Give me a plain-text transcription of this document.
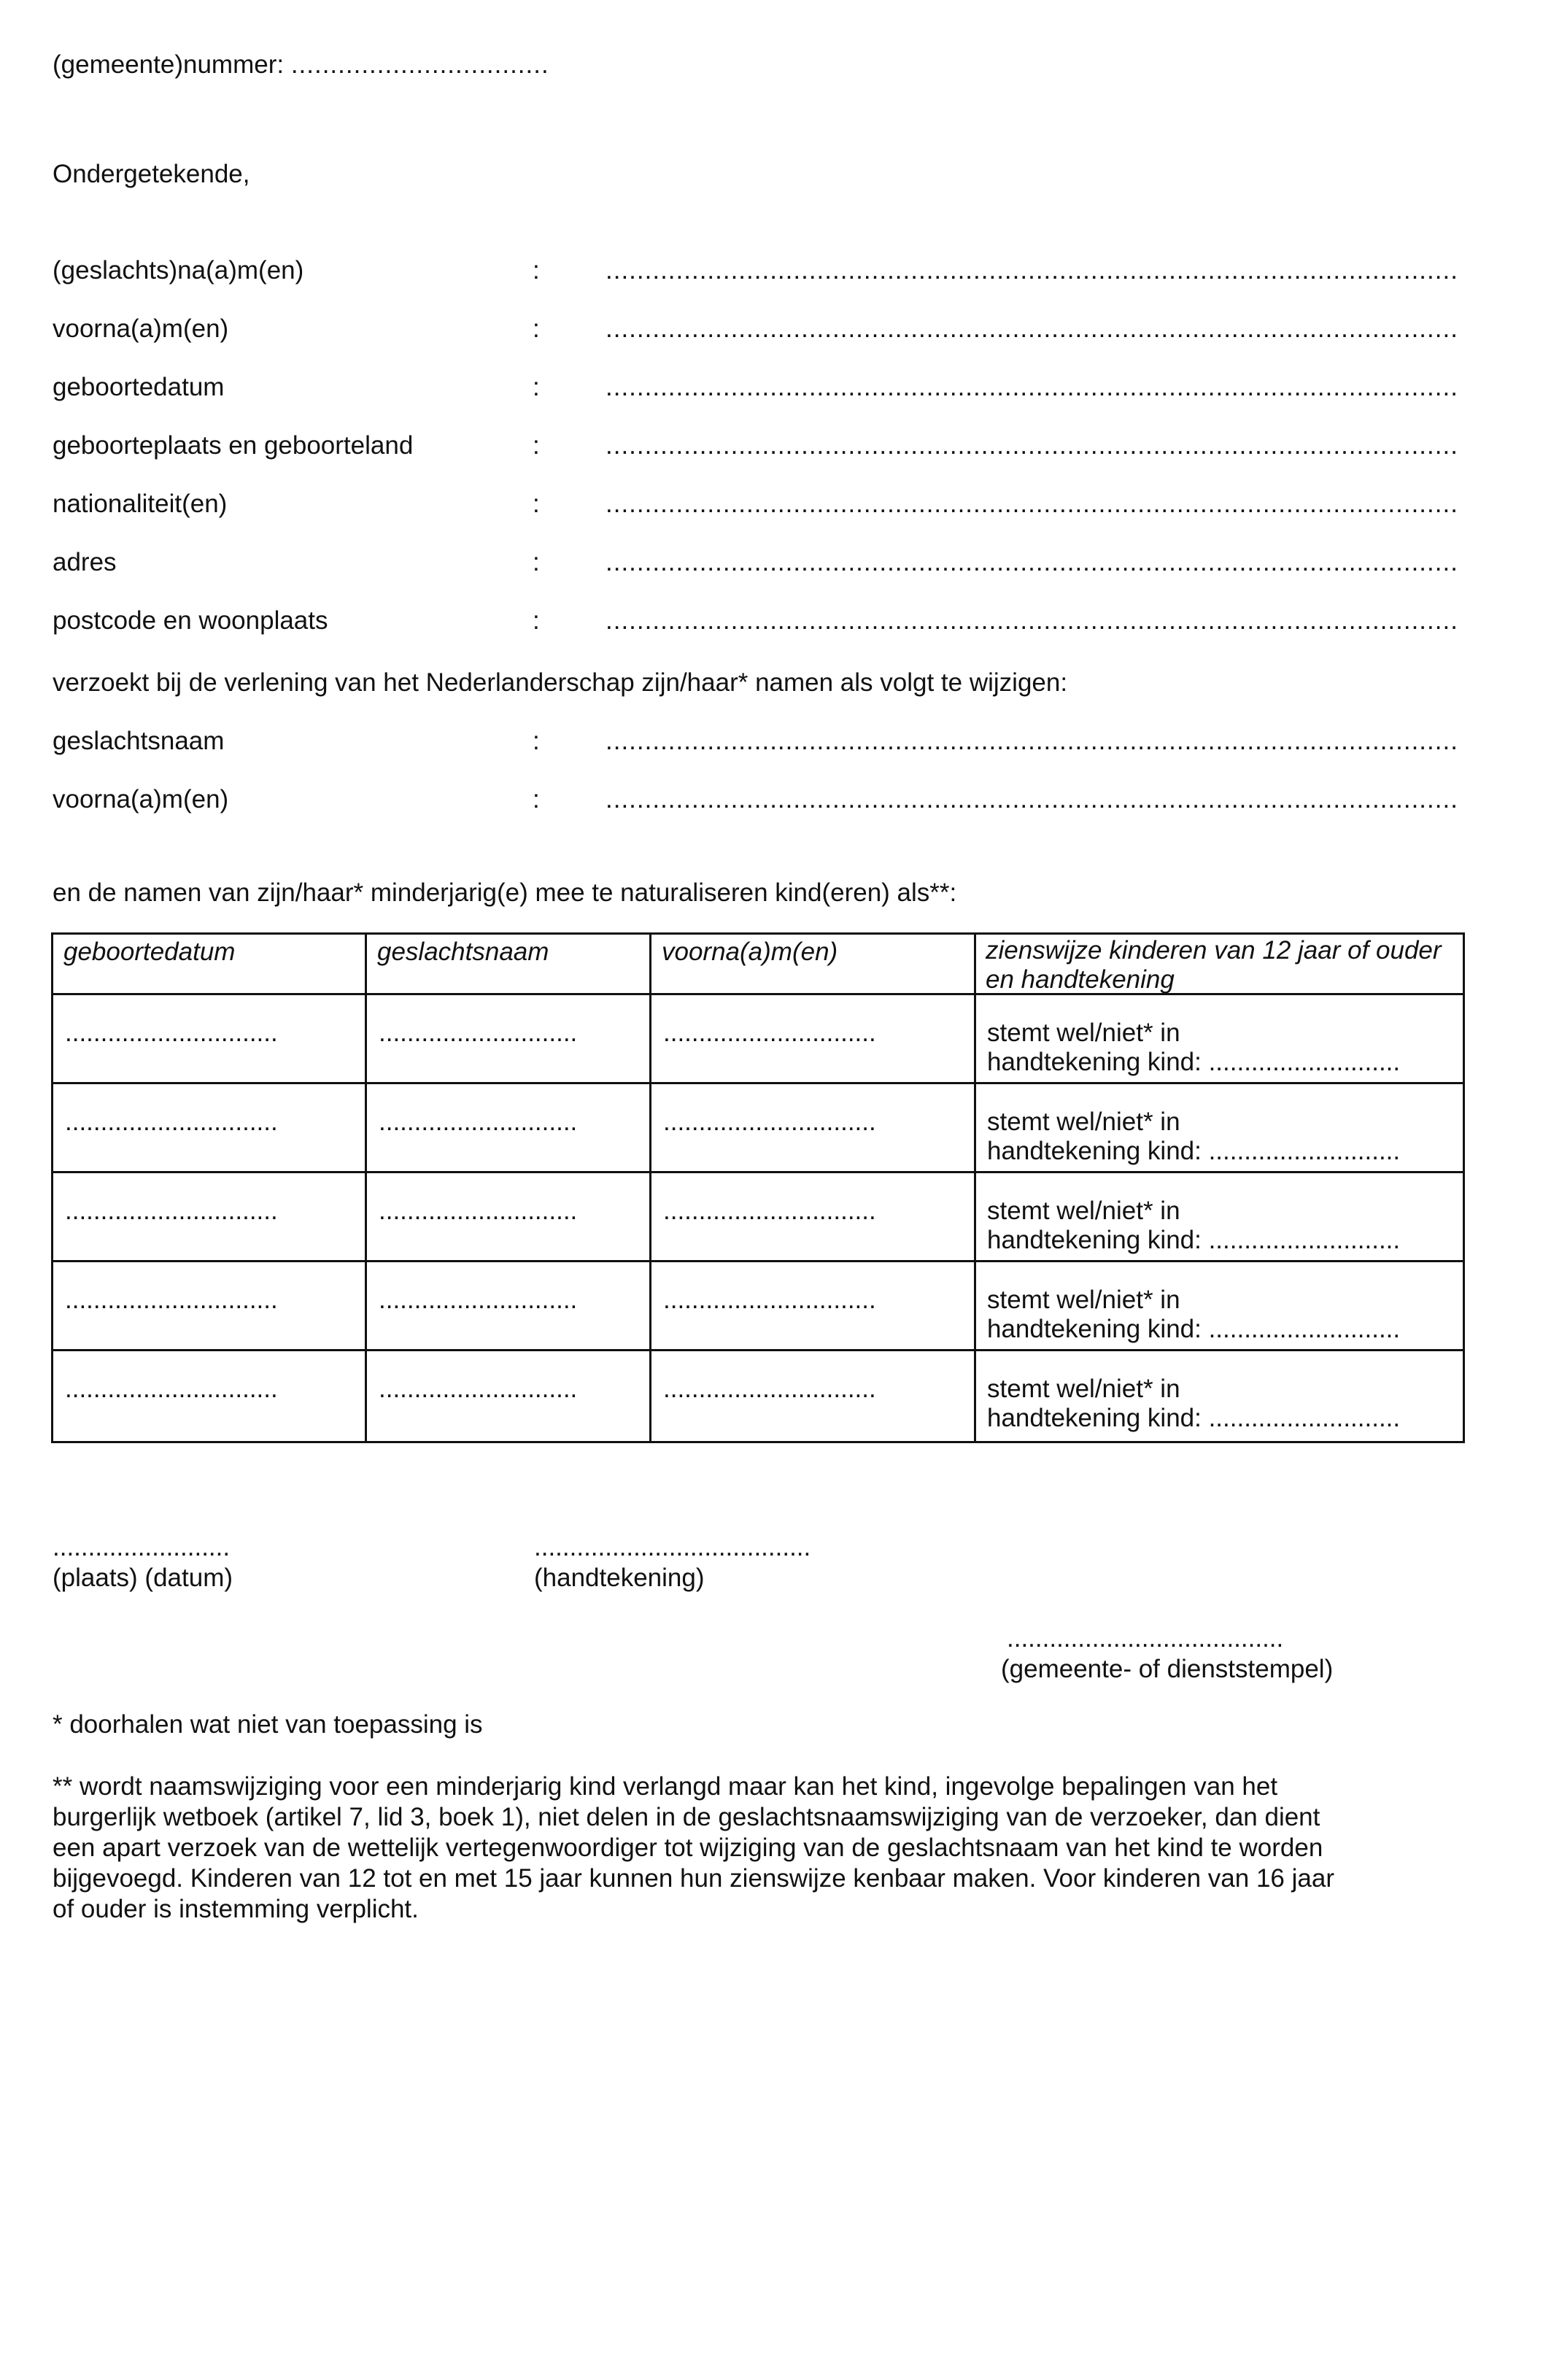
(gemeente)nummer: .................................
Ondergetekende,
(geslachts)na(a)m(en)	:	.............................................................................................................
voorna(a)m(en)	:	.............................................................................................................
geboortedatum	:	.............................................................................................................
geboorteplaats en geboorteland	:	.............................................................................................................
nationaliteit(en)	:	.............................................................................................................
adres	:	.............................................................................................................
postcode en woonplaats	:	.............................................................................................................
verzoekt bij de verlening van het Nederlanderschap zijn/haar* namen als volgt te wijzigen:
geslachtsnaam	:	.............................................................................................................
voorna(a)m(en)	:	.............................................................................................................
en de namen van zijn/haar* minderjarig(e) mee te naturaliseren kind(eren) als**:
geboortedatum	geslachtsnaam	voorna(a)m(en)	zienswijze kinderen van 12 jaar of ouder en handtekening
..............................	............................	..............................	stemt wel/niet* in
handtekening kind: ...........................
..............................	............................	..............................	stemt wel/niet* in
handtekening kind: ...........................
..............................	............................	..............................	stemt wel/niet* in
handtekening kind: ...........................
..............................	............................	..............................	stemt wel/niet* in
handtekening kind: ...........................
..............................	............................	..............................	stemt wel/niet* in
handtekening kind: ...........................
.........................
(plaats) (datum)
.......................................
(handtekening)
.......................................
(gemeente- of dienststempel)
* doorhalen wat niet van toepassing is
** wordt naamswijziging voor een minderjarig kind verlangd maar kan het kind, ingevolge bepalingen van het burgerlijk wetboek (artikel 7, lid 3, boek 1), niet delen in de geslachtsnaamswijziging van de verzoeker, dan dient een apart verzoek van de wettelijk vertegenwoordiger tot wijziging van de geslachtsnaam van het kind te worden bijgevoegd. Kinderen van 12 tot en met 15 jaar kunnen hun zienswijze kenbaar maken. Voor kinderen van 16 jaar of ouder is instemming verplicht.
